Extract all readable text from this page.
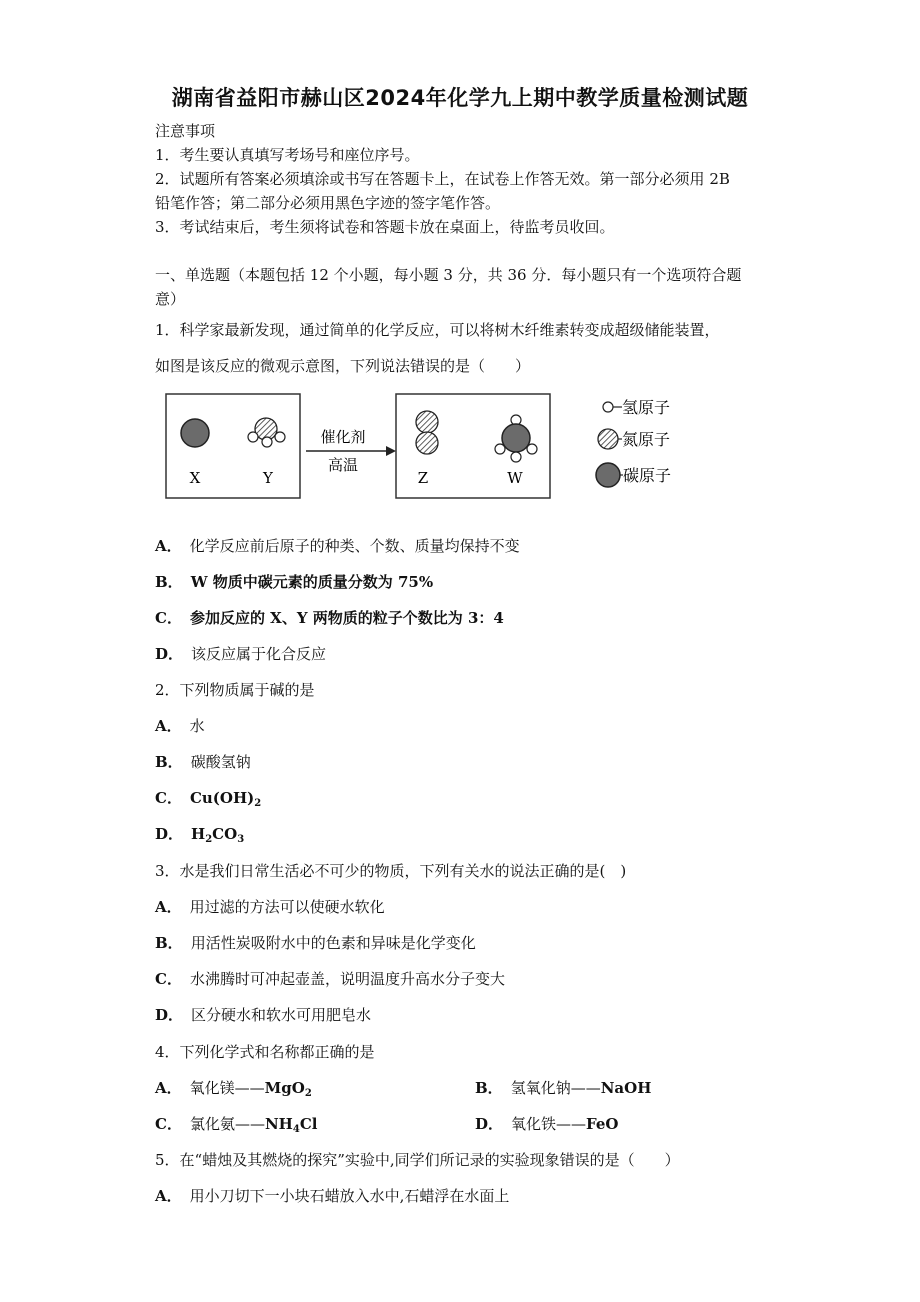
湖南省益阳市赫山区2024年化学九上期中教学质量检测试题
注意事项
1．考生要认真填写考场号和座位序号。
2．试题所有答案必须填涂或书写在答题卡上，在试卷上作答无效。第一部分必须用 2B
铅笔作答；第二部分必须用黑色字迹的签字笔作答。
3．考试结束后，考生须将试卷和答题卡放在桌面上，待监考员收回。
一、单选题（本题包括 12 个小题，每小题 3 分，共 36 分．每小题只有一个选项符合题
意）
1．科学家最新发现，通过简单的化学反应，可以将树木纤维素转变成超级储能装置，
如图是该反应的微观示意图，下列说法错误的是（　　）
X	Y
催化剂
高温
Z	W
氢原子
氮原子
碳原子
A． 化学反应前后原子的种类、个数、质量均保持不变
B． W 物质中碳元素的质量分数为 75%
C． 参加反应的 X、Y 两物质的粒子个数比为 3：4
D． 该反应属于化合反应
2．下列物质属于碱的是
A． 水
B． 碳酸氢钠
C． $Cu(OH)_2$
D． $H_2CO_3$
3．水是我们日常生活必不可少的物质，下列有关水的说法正确的是(　)
A． 用过滤的方法可以使硬水软化
B． 用活性炭吸附水中的色素和异味是化学变化
C． 水沸腾时可冲起壶盖，说明温度升高水分子变大
D． 区分硬水和软水可用肥皂水
4．下列化学式和名称都正确的是
A． 氧化镁——MgO$_2$	B． 氢氧化钠——NaOH
C． 氯化氨$——NH_4Cl$	D． 氧化铁——FeO
5．在“蜡烛及其燃烧的探究”实验中,同学们所记录的实验现象错误的是（　　）
A． 用小刀切下一小块石蜡放入水中,石蜡浮在水面上
